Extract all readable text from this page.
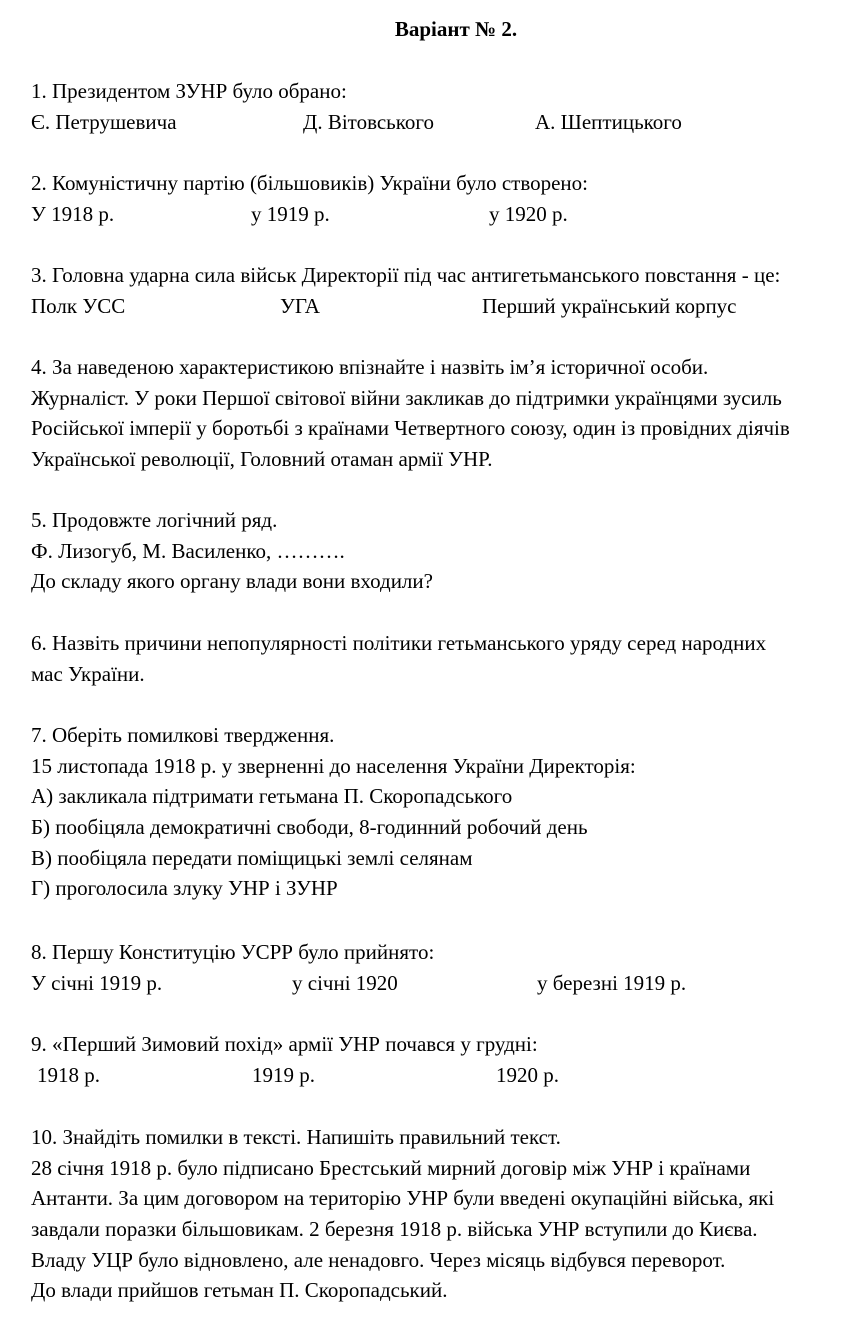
Варіант № 2.
1. Президентом ЗУНР було обрано:
Є. Петрушевича	Д. Вітовського	А. Шептицького
2. Комуністичну партію (більшовиків) України було створено:
У 1918 р.	у 1919 р.	у 1920 р.
3. Головна ударна сила військ Директорії під час антигетьманського повстання - це:
Полк УСС	УГА	Перший український корпус
4. За наведеною характеристикою впізнайте і назвіть ім’я історичної особи.
Журналіст. У роки Першої світової війни закликав до підтримки українцями зусиль
Російської імперії у боротьбі з країнами Четвертного союзу, один із провідних діячів
Української революції, Головний отаман армії УНР.
5. Продовжте логічний ряд.
Ф. Лизогуб, М. Василенко, ……….
До складу якого органу влади вони входили?
6. Назвіть причини непопулярності політики гетьманського уряду серед народних
мас України.
7. Оберіть помилкові твердження.
15 листопада 1918 р. у зверненні до населення України Директорія:
А) закликала підтримати гетьмана П. Скоропадського
Б) пообіцяла демократичні свободи, 8-годинний робочий день
В) пообіцяла передати поміщицькі землі селянам
Г) проголосила злуку УНР і ЗУНР
8. Першу Конституцію УСРР було прийнято:
У січні 1919 р.	у січні 1920	у березні 1919 р.
9. «Перший Зимовий похід» армії УНР почався у грудні:
1918 р.	1919 р.	1920 р.
10. Знайдіть помилки в тексті. Напишіть правильний текст.
28 січня 1918 р. було підписано Брестський мирний договір між УНР і країнами
Антанти. За цим договором на територію УНР були введені окупаційні війська, які
завдали поразки більшовикам. 2 березня 1918 р. війська УНР вступили до Києва.
Владу УЦР було відновлено, але ненадовго. Через місяць відбувся переворот.
До влади прийшов гетьман П. Скоропадський.
